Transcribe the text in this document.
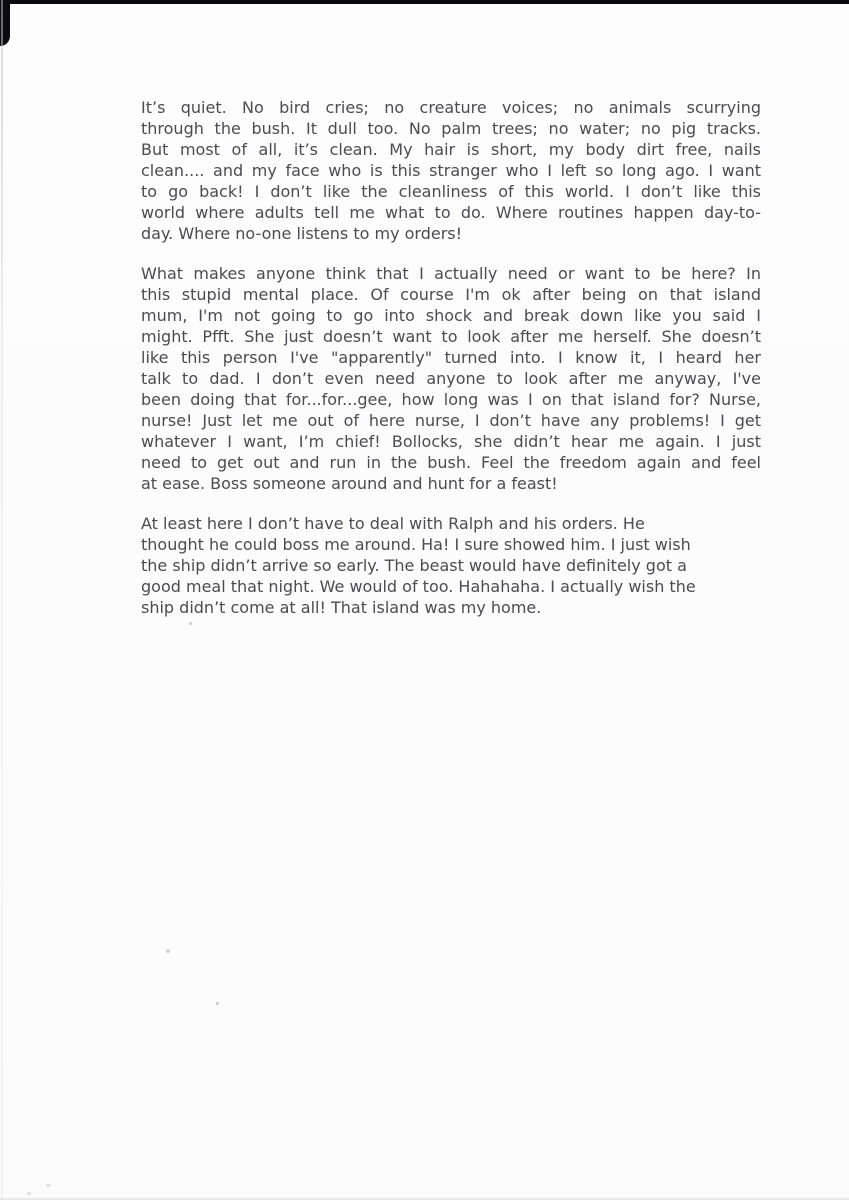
It’s quiet. No bird cries; no creature voices; no animals scurrying
through the bush. It dull too. No palm trees; no water; no pig tracks.
But most of all, it’s clean. My hair is short, my body dirt free, nails
clean.... and my face who is this stranger who I left so long ago. I want
to go back! I don’t like the cleanliness of this world. I don’t like this
world where adults tell me what to do. Where routines happen day-to-
day. Where no-one listens to my orders!
What makes anyone think that I actually need or want to be here? In
this stupid mental place. Of course I'm ok after being on that island
mum, I'm not going to go into shock and break down like you said I
might. Pfft. She just doesn’t want to look after me herself. She doesn’t
like this person I've "apparently" turned into. I know it, I heard her
talk to dad. I don’t even need anyone to look after me anyway, I've
been doing that for...for...gee, how long was I on that island for? Nurse,
nurse! Just let me out of here nurse, I don’t have any problems! I get
whatever I want, I’m chief! Bollocks, she didn’t hear me again. I just
need to get out and run in the bush. Feel the freedom again and feel
at ease. Boss someone around and hunt for a feast!
At least here I don’t have to deal with Ralph and his orders. He
thought he could boss me around. Ha! I sure showed him. I just wish
the ship didn’t arrive so early. The beast would have definitely got a
good meal that night. We would of too. Hahahaha. I actually wish the
ship didn’t come at all! That island was my home.
